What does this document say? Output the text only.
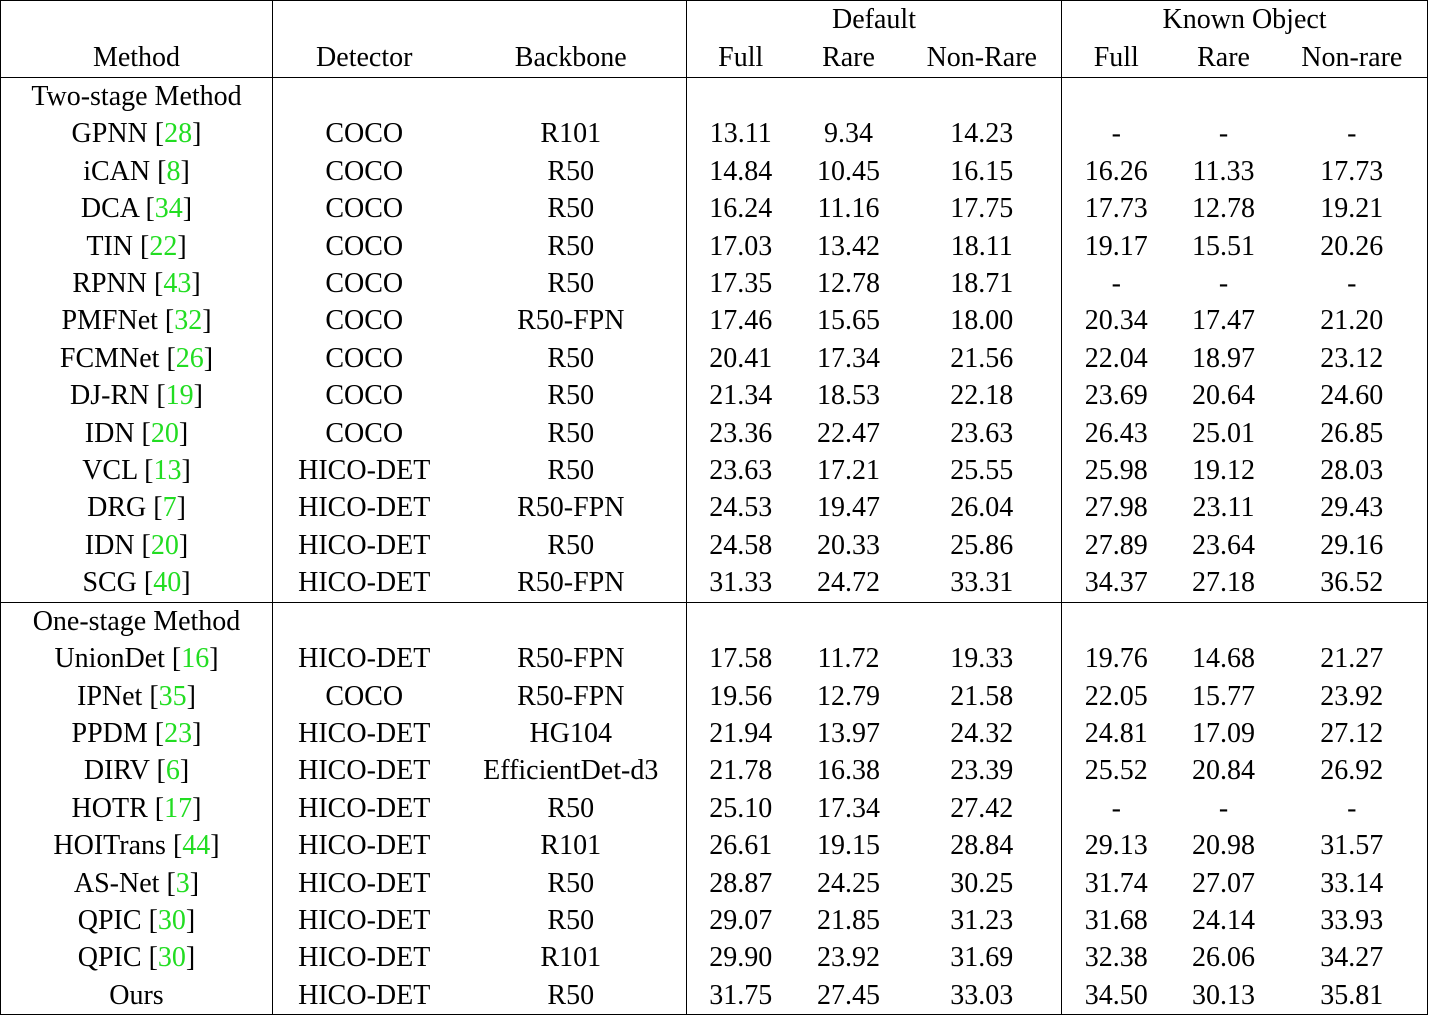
			Default			Known Object		
Method	Detector	Backbone	Full	Rare	Non-Rare	Full	Rare	Non-rare
Two-stage Method								
GPNN [28]	COCO	R101	13.11	9.34	14.23	-	-	-
iCAN [8]	COCO	R50	14.84	10.45	16.15	16.26	11.33	17.73
DCA [34]	COCO	R50	16.24	11.16	17.75	17.73	12.78	19.21
TIN [22]	COCO	R50	17.03	13.42	18.11	19.17	15.51	20.26
RPNN [43]	COCO	R50	17.35	12.78	18.71	-	-	-
PMFNet [32]	COCO	R50-FPN	17.46	15.65	18.00	20.34	17.47	21.20
FCMNet [26]	COCO	R50	20.41	17.34	21.56	22.04	18.97	23.12
DJ-RN [19]	COCO	R50	21.34	18.53	22.18	23.69	20.64	24.60
IDN [20]	COCO	R50	23.36	22.47	23.63	26.43	25.01	26.85
VCL [13]	HICO-DET	R50	23.63	17.21	25.55	25.98	19.12	28.03
DRG [7]	HICO-DET	R50-FPN	24.53	19.47	26.04	27.98	23.11	29.43
IDN [20]	HICO-DET	R50	24.58	20.33	25.86	27.89	23.64	29.16
SCG [40]	HICO-DET	R50-FPN	31.33	24.72	33.31	34.37	27.18	36.52
One-stage Method								
UnionDet [16]	HICO-DET	R50-FPN	17.58	11.72	19.33	19.76	14.68	21.27
IPNet [35]	COCO	R50-FPN	19.56	12.79	21.58	22.05	15.77	23.92
PPDM [23]	HICO-DET	HG104	21.94	13.97	24.32	24.81	17.09	27.12
DIRV [6]	HICO-DET	EfficientDet-d3	21.78	16.38	23.39	25.52	20.84	26.92
HOTR [17]	HICO-DET	R50	25.10	17.34	27.42	-	-	-
HOITrans [44]	HICO-DET	R101	26.61	19.15	28.84	29.13	20.98	31.57
AS-Net [3]	HICO-DET	R50	28.87	24.25	30.25	31.74	27.07	33.14
QPIC [30]	HICO-DET	R50	29.07	21.85	31.23	31.68	24.14	33.93
QPIC [30]	HICO-DET	R101	29.90	23.92	31.69	32.38	26.06	34.27
Ours	HICO-DET	R50	31.75	27.45	33.03	34.50	30.13	35.81
